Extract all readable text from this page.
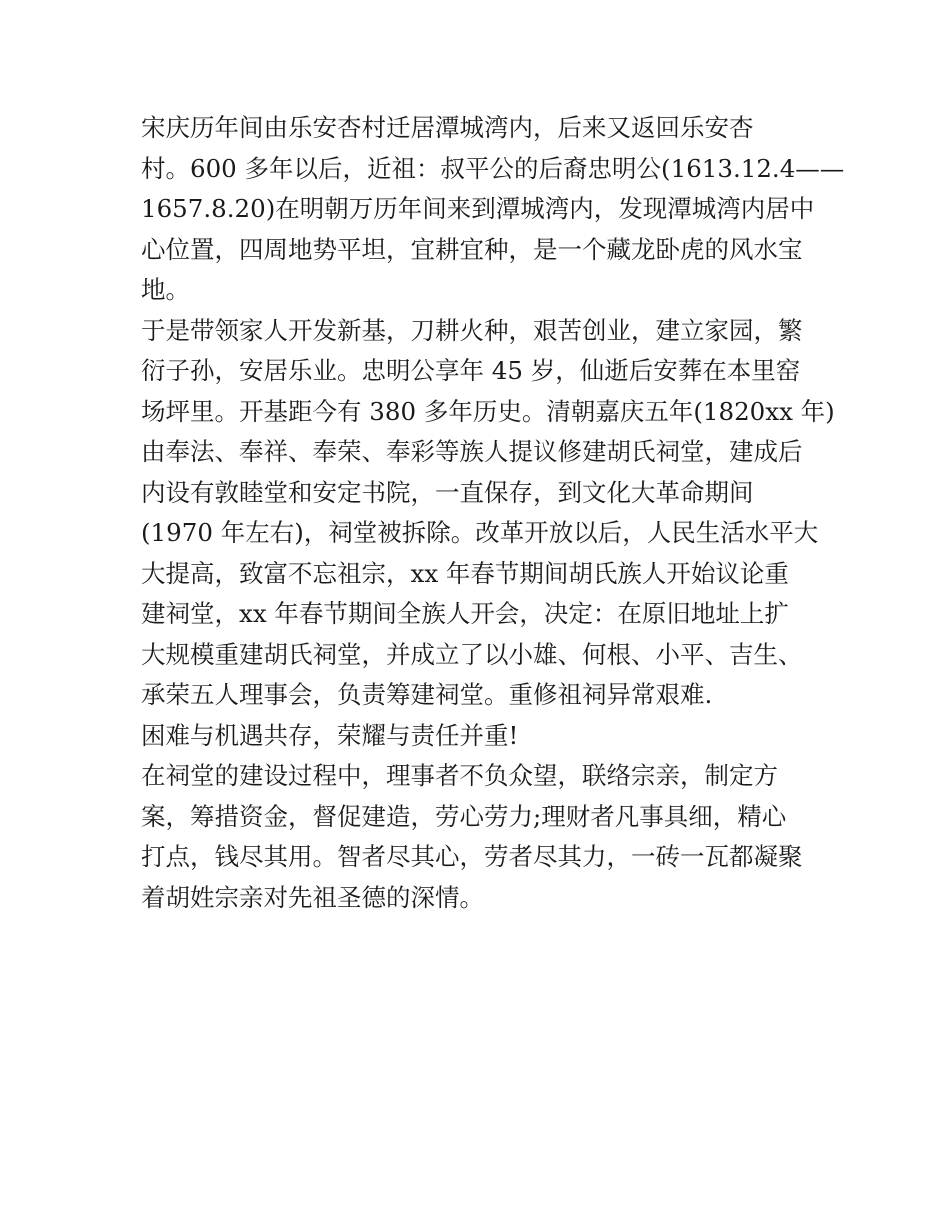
宋庆历年间由乐安杏村迁居潭城湾内，后来又返回乐安杏
村。600 多年以后，近祖：叔平公的后裔忠明公(1613.12.4——
1657.8.20)在明朝万历年间来到潭城湾内，发现潭城湾内居中
心位置，四周地势平坦，宜耕宜种，是一个藏龙卧虎的风水宝
地。
于是带领家人开发新基，刀耕火种，艰苦创业，建立家园，繁
衍子孙，安居乐业。忠明公享年 45 岁，仙逝后安葬在本里窑
场坪里。开基距今有 380 多年历史。清朝嘉庆五年(1820xx 年)
由奉法、奉祥、奉荣、奉彩等族人提议修建胡氏祠堂，建成后
内设有敦睦堂和安定书院，一直保存，到文化大革命期间
(1970 年左右)，祠堂被拆除。改革开放以后，人民生活水平大
大提高，致富不忘祖宗，xx 年春节期间胡氏族人开始议论重
建祠堂，xx 年春节期间全族人开会，决定：在原旧地址上扩
大规模重建胡氏祠堂，并成立了以小雄、何根、小平、吉生、
承荣五人理事会，负责筹建祠堂。重修祖祠异常艰难.
困难与机遇共存，荣耀与责任并重!
在祠堂的建设过程中，理事者不负众望，联络宗亲，制定方
案，筹措资金，督促建造，劳心劳力;理财者凡事具细，精心
打点，钱尽其用。智者尽其心，劳者尽其力，一砖一瓦都凝聚
着胡姓宗亲对先祖圣德的深情。
